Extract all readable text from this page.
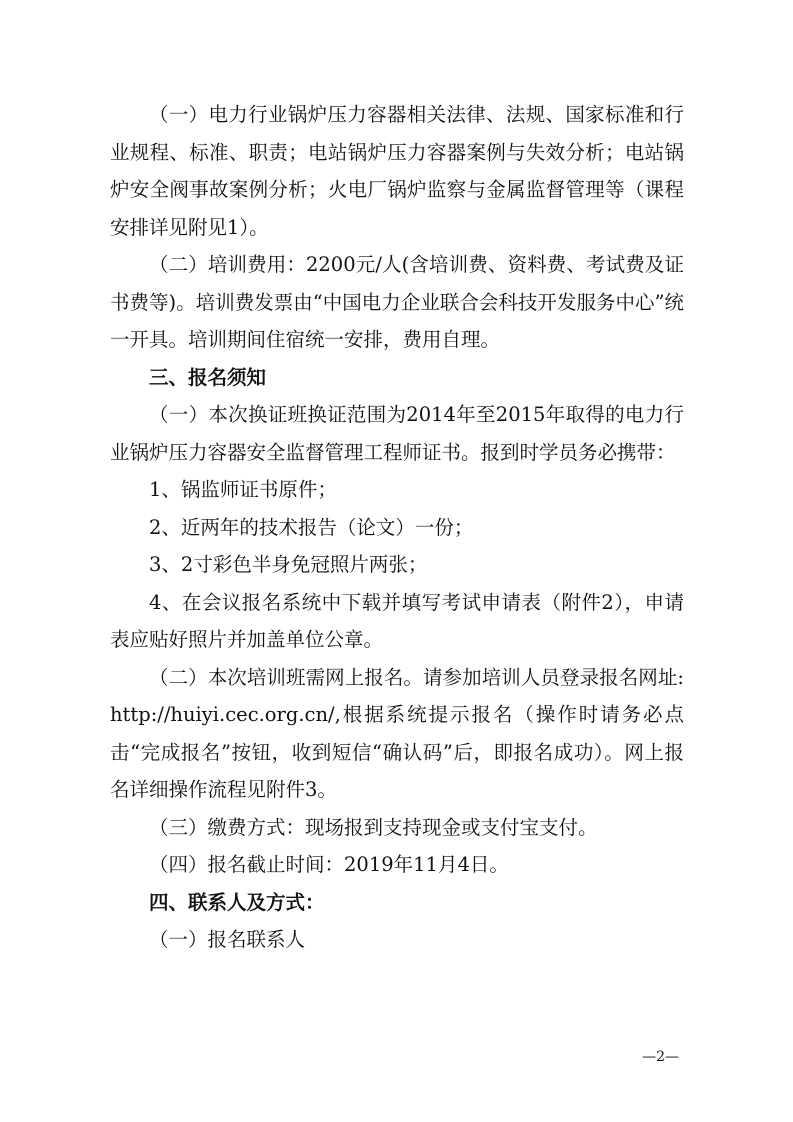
（一）电力行业锅炉压力容器相关法律、法规、国家标准和行业规程、标准、职责；电站锅炉压力容器案例与失效分析；电站锅炉安全阀事故案例分析；火电厂锅炉监察与金属监督管理等（课程安排详见附见1）。

（二）培训费用：2200元/人(含培训费、资料费、考试费及证书费等)。培训费发票由“中国电力企业联合会科技开发服务中心”统一开具。培训期间住宿统一安排，费用自理。

三、报名须知

（一）本次换证班换证范围为2014年至2015年取得的电力行业锅炉压力容器安全监督管理工程师证书。报到时学员务必携带：

1、锅监师证书原件；

2、近两年的技术报告（论文）一份；

3、2寸彩色半身免冠照片两张；

4、在会议报名系统中下载并填写考试申请表（附件2），申请表应贴好照片并加盖单位公章。

（二）本次培训班需网上报名。请参加培训人员登录报名网址:http://huiyi.cec.org.cn/,根据系统提示报名（操作时请务必点击“完成报名”按钮，收到短信“确认码”后，即报名成功）。网上报名详细操作流程见附件3。

（三）缴费方式：现场报到支持现金或支付宝支付。

（四）报名截止时间：2019年11月4日。

四、联系人及方式：

（一）报名联系人

—2—
